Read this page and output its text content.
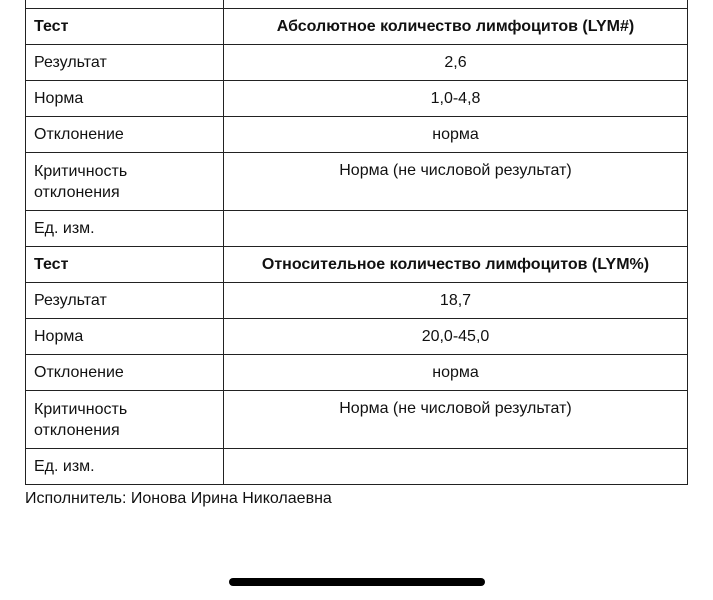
Тест	Абсолютное количество лимфоцитов (LYM#)
Результат	2,6
Норма	1,0-4,8
Отклонение	норма
Критичность отклонения	Норма (не числовой результат)
Ед. изм.	
Тест	Относительное количество лимфоцитов (LYM%)
Результат	18,7
Норма	20,0-45,0
Отклонение	норма
Критичность отклонения	Норма (не числовой результат)
Ед. изм.	
Исполнитель: Ионова Ирина Николаевна
